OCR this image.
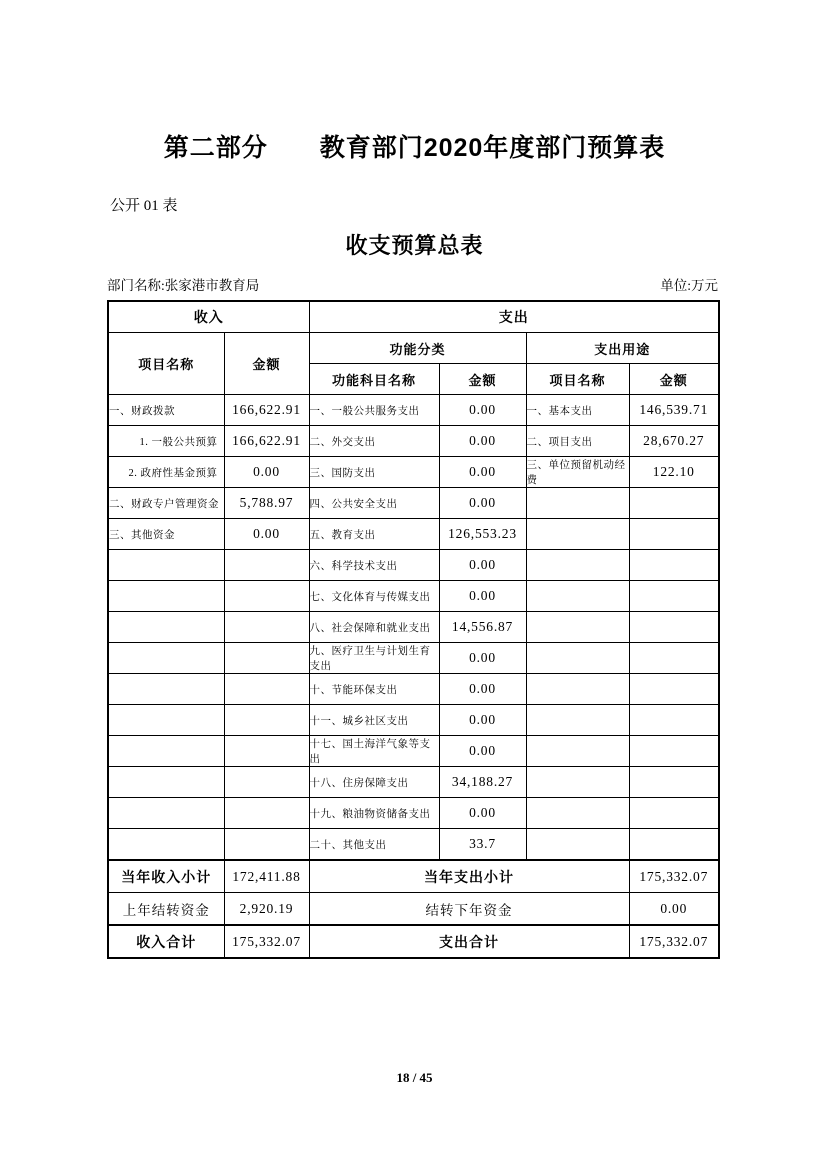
第二部分　　教育部门2020年度部门预算表
公开 01 表
收支预算总表
部门名称:张家港市教育局	单位:万元
收入		支出			
项目名称	金额	功能分类		支出用途	
		功能科目名称	金额	项目名称	金额
一、财政拨款	166,622.91	一、一般公共服务支出	0.00	一、基本支出	146,539.71
1. 一般公共预算	166,622.91	二、外交支出	0.00	二、项目支出	28,670.27
2. 政府性基金预算	0.00	三、国防支出	0.00	三、单位预留机动经费	122.10
二、财政专户管理资金	5,788.97	四、公共安全支出	0.00		
三、其他资金	0.00	五、教育支出	126,553.23		
		六、科学技术支出	0.00		
		七、文化体育与传媒支出	0.00		
		八、社会保障和就业支出	14,556.87		
		九、医疗卫生与计划生育支出	0.00		
		十、节能环保支出	0.00		
		十一、城乡社区支出	0.00		
		十七、国土海洋气象等支出	0.00		
		十八、住房保障支出	34,188.27		
		十九、粮油物资储备支出	0.00		
		二十、其他支出	33.7		
当年收入小计	172,411.88	当年支出小计			175,332.07
上年结转资金	2,920.19	结转下年资金			0.00
收入合计	175,332.07	支出合计			175,332.07
18 / 45
